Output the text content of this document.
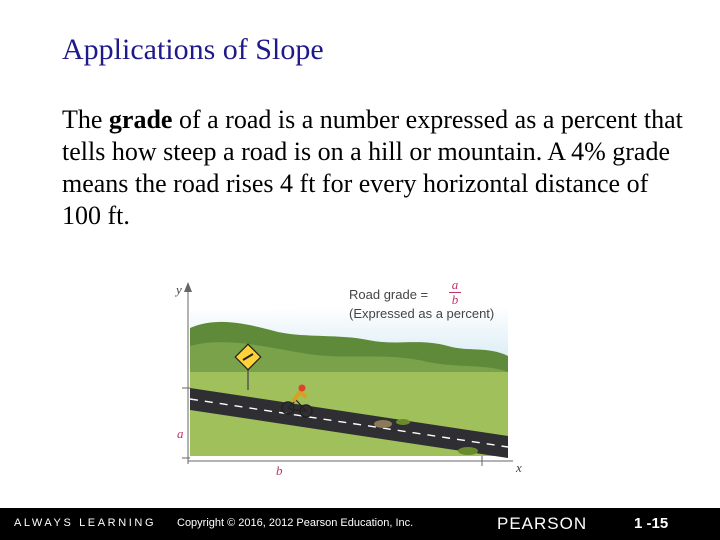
Applications of Slope
The grade of a road is a number expressed as a percent that tells how steep a road is on a hill or mountain. A 4% grade means the road rises 4 ft for every horizontal distance of 100 ft.
Road grade =
a
b
(Expressed as a percent)
y
x
a
b
ALWAYS LEARNING Copyright © 2016, 2012 Pearson Education, Inc.	PEARSON	1 -15
